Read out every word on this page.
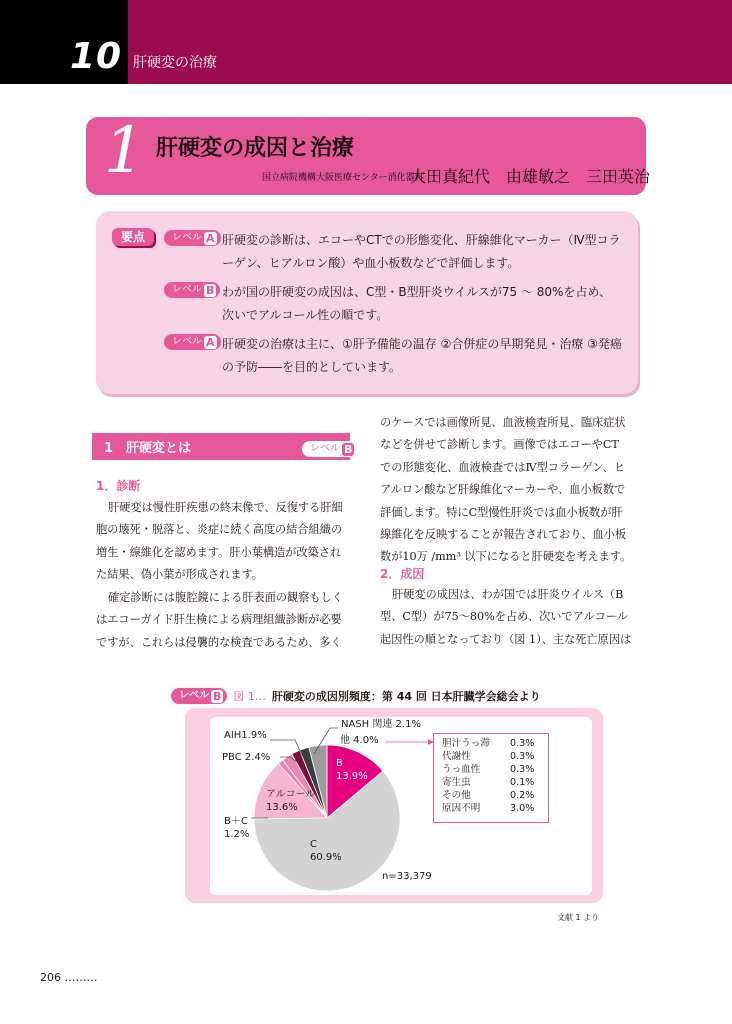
10 肝硬変の治療
1 肝硬変の成因と治療
国立病院機構大阪医療センター消化器科
大田真紀代　由雄敏之　三田英治
要点	レベル A 肝硬変の診断は、エコーやCTでの形態変化、肝線維化マーカー（Ⅳ型コラ
ーゲン、ヒアルロン酸）や血小板数などで評価します。
レベル B わが国の肝硬変の成因は、C型・B型肝炎ウイルスが75 ～ 80%を占め、
次いでアルコール性の順です。
レベル A 肝硬変の治療は主に、①肝予備能の温存 ②合併症の早期発見・治療 ③発癌
の予防――を目的としています。
1　肝硬変とは	レベル B
1．診断
肝硬変は慢性肝疾患の終末像で、反復する肝細
胞の壊死・脱落と、炎症に続く高度の結合組織の
増生・線維化を認めます。肝小葉構造が改築され
た結果、偽小葉が形成されます。
確定診断には腹腔鏡による肝表面の観察もしく
はエコーガイド肝生検による病理組織診断が必要
ですが、これらは侵襲的な検査であるため、多く
のケースでは画像所見、血液検査所見、臨床症状
などを併せて診断します。画像ではエコーやCT
での形態変化、血液検査ではⅣ型コラーゲン、ヒ
アルロン酸など肝線維化マーカーや、血小板数で
評価します。特にC型慢性肝炎では血小板数が肝
線維化を反映することが報告されており、血小板
数が10万 /mm³ 以下になると肝硬変を考えます。
2．成因
肝硬変の成因は、わが国では肝炎ウイルス（B
型、C型）が75～80%を占め、次いでアルコール
起因性の順となっており（図 1）、主な死亡原因は
レベル B 図 1… 肝硬変の成因別頻度：第 44 回 日本肝臓学会総会より
AIH1.9%
PBC 2.4%
NASH 関連 2.1%
他 4.0%
B
13.9%
アルコール
13.6%
B＋C
1.2%
C
60.9%
n=33,379
胆汁うっ滞	0.3%
代謝性	0.3%
うっ血性	0.3%
寄生虫	0.1%
その他	0.2%
原因不明	3.0%
文献 1 より
206 ………
